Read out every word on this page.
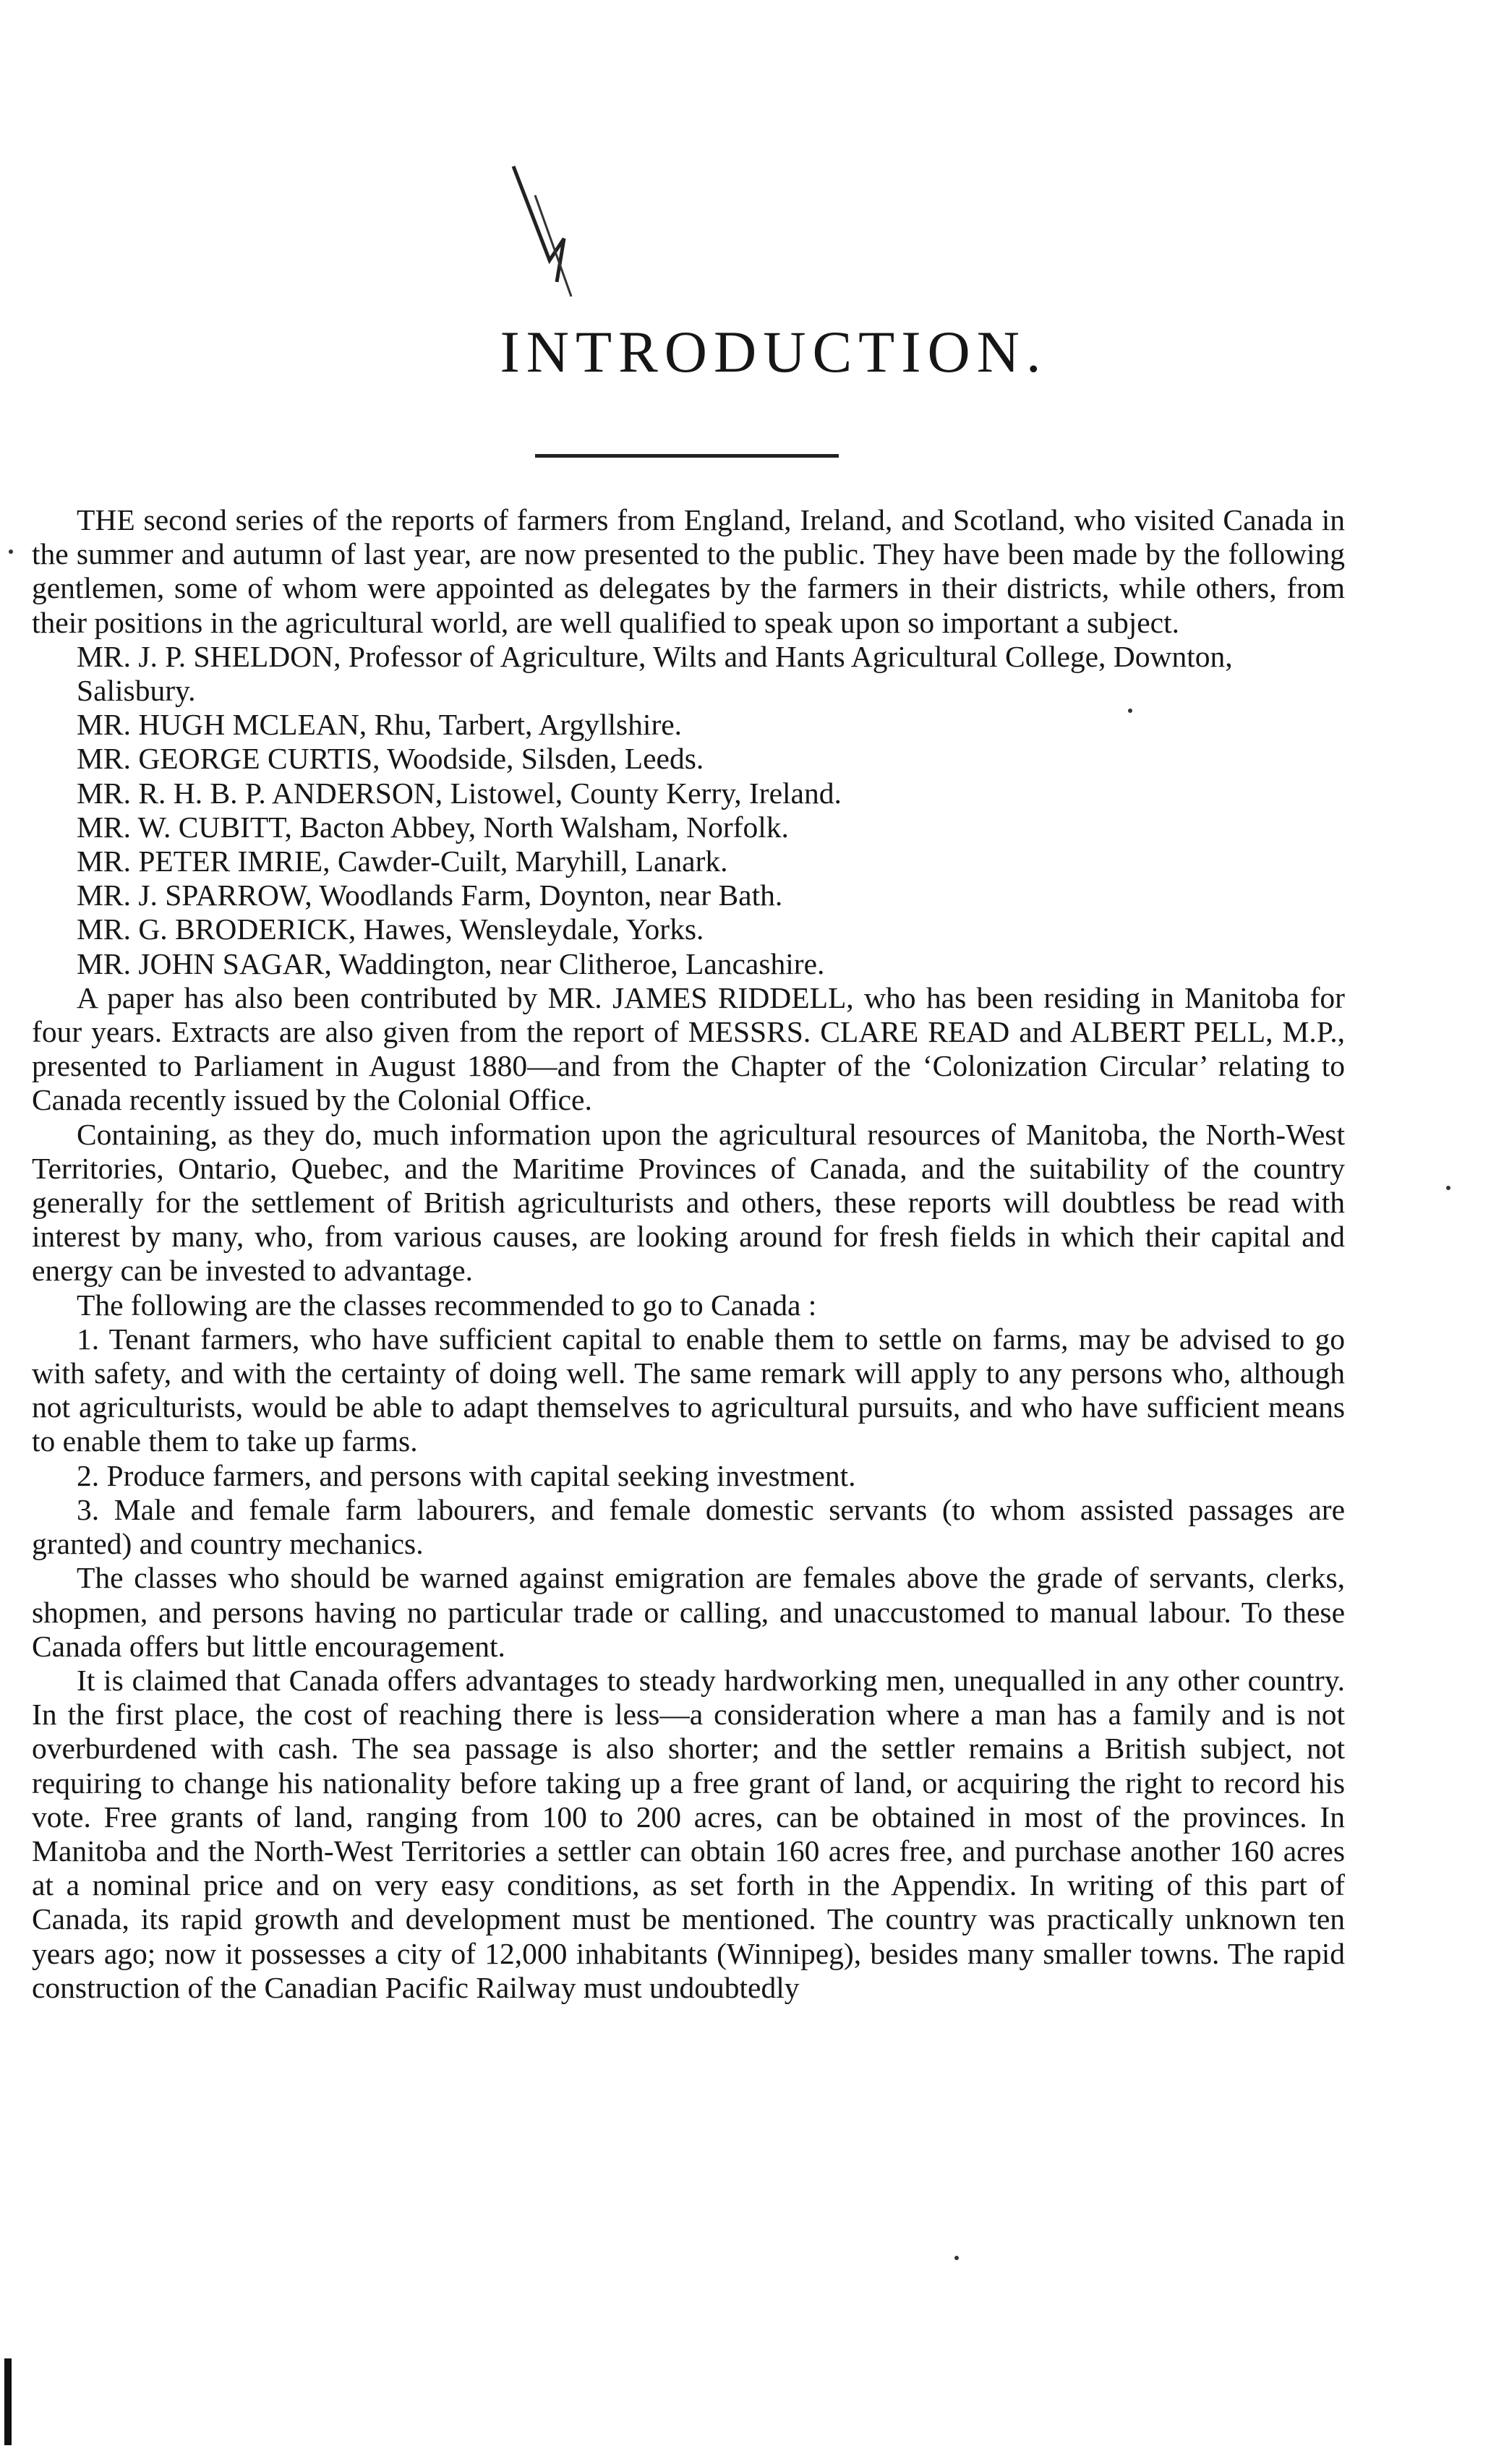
INTRODUCTION.

THE second series of the reports of farmers from England, Ireland, and Scotland, who visited Canada in the summer and autumn of last year, are now presented to the public. They have been made by the following gentlemen, some of whom were appointed as delegates by the farmers in their districts, while others, from their positions in the agricultural world, are well qualified to speak upon so important a subject.

MR. J. P. SHELDON, Professor of Agriculture, Wilts and Hants Agricultural College, Downton, Salisbury.
MR. HUGH MCLEAN, Rhu, Tarbert, Argyllshire.
MR. GEORGE CURTIS, Woodside, Silsden, Leeds.
MR. R. H. B. P. ANDERSON, Listowel, County Kerry, Ireland.
MR. W. CUBITT, Bacton Abbey, North Walsham, Norfolk.
MR. PETER IMRIE, Cawder-Cuilt, Maryhill, Lanark.
MR. J. SPARROW, Woodlands Farm, Doynton, near Bath.
MR. G. BRODERICK, Hawes, Wensleydale, Yorks.
MR. JOHN SAGAR, Waddington, near Clitheroe, Lancashire.

A paper has also been contributed by MR. JAMES RIDDELL, who has been residing in Manitoba for four years. Extracts are also given from the report of MESSRS. CLARE READ and ALBERT PELL, M.P., presented to Parliament in August 1880—and from the Chapter of the ‘Colonization Circular’ relating to Canada recently issued by the Colonial Office.

Containing, as they do, much information upon the agricultural resources of Manitoba, the North-West Territories, Ontario, Quebec, and the Maritime Provinces of Canada, and the suitability of the country generally for the settlement of British agriculturists and others, these reports will doubtless be read with interest by many, who, from various causes, are looking around for fresh fields in which their capital and energy can be invested to advantage.

The following are the classes recommended to go to Canada :

1. Tenant farmers, who have sufficient capital to enable them to settle on farms, may be advised to go with safety, and with the certainty of doing well. The same remark will apply to any persons who, although not agriculturists, would be able to adapt themselves to agricultural pursuits, and who have sufficient means to enable them to take up farms.

2. Produce farmers, and persons with capital seeking investment.

3. Male and female farm labourers, and female domestic servants (to whom assisted passages are granted) and country mechanics.

The classes who should be warned against emigration are females above the grade of servants, clerks, shopmen, and persons having no particular trade or calling, and unaccustomed to manual labour. To these Canada offers but little encouragement.

It is claimed that Canada offers advantages to steady hardworking men, unequalled in any other country. In the first place, the cost of reaching there is less—a consideration where a man has a family and is not overburdened with cash. The sea passage is also shorter; and the settler remains a British subject, not requiring to change his nationality before taking up a free grant of land, or acquiring the right to record his vote. Free grants of land, ranging from 100 to 200 acres, can be obtained in most of the provinces. In Manitoba and the North-West Territories a settler can obtain 160 acres free, and purchase another 160 acres at a nominal price and on very easy conditions, as set forth in the Appendix. In writing of this part of Canada, its rapid growth and development must be mentioned. The country was practically unknown ten years ago; now it possesses a city of 12,000 inhabitants (Winnipeg), besides many smaller towns. The rapid construction of the Canadian Pacific Railway must undoubtedly
